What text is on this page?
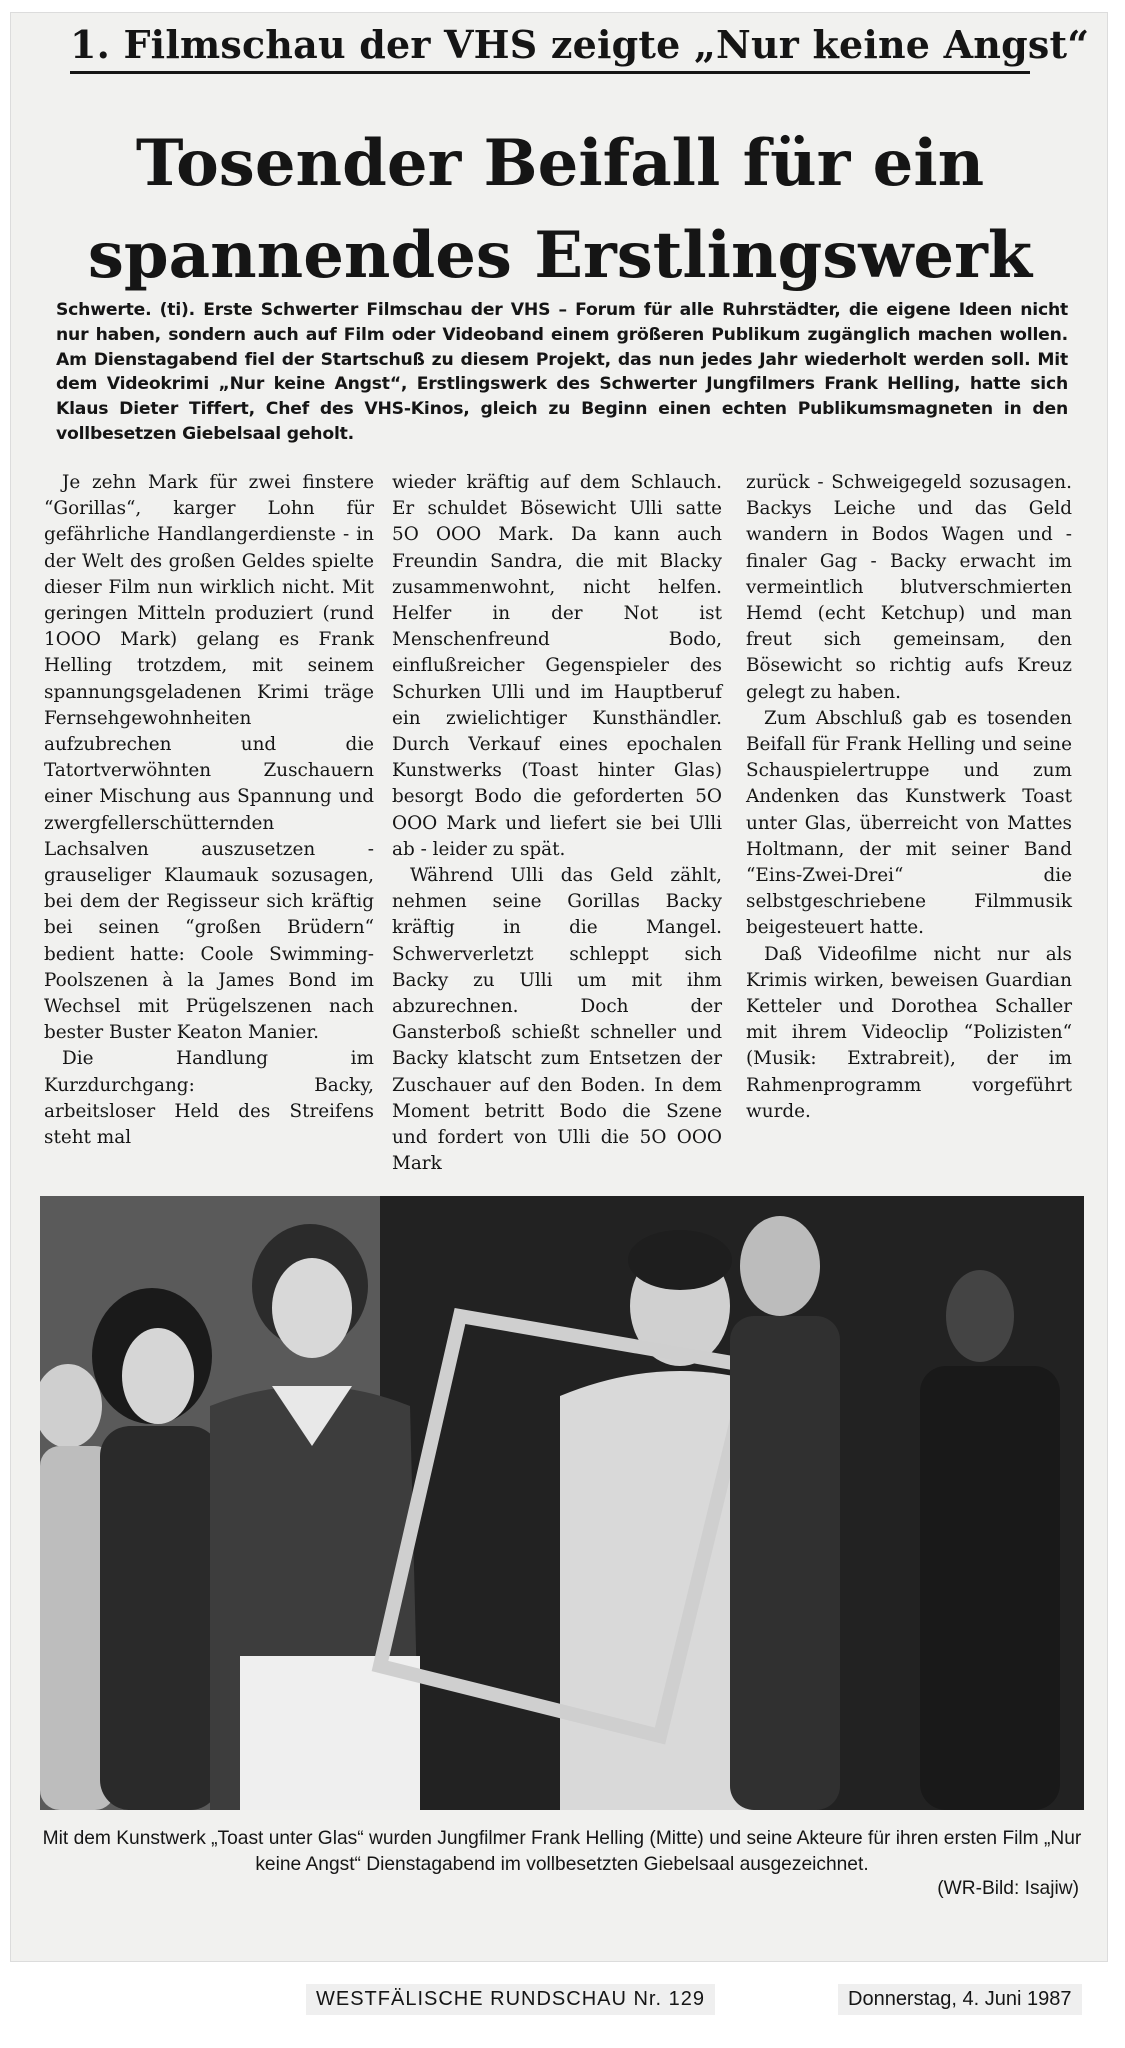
1. Filmschau der VHS zeigte „Nur keine Angst“
Tosender Beifall für ein
spannendes Erstlingswerk
Schwerte. (ti). Erste Schwerter Filmschau der VHS – Forum für alle Ruhrstädter, die eigene Ideen nicht nur haben, sondern auch auf Film oder Videoband einem größeren Publikum zugänglich machen wollen. Am Dienstagabend fiel der Startschuß zu diesem Projekt, das nun jedes Jahr wiederholt werden soll. Mit dem Videokrimi „Nur keine Angst“, Erstlingswerk des Schwerter Jungfilmers Frank Helling, hatte sich Klaus Dieter Tiffert, Chef des VHS-Kinos, gleich zu Beginn einen echten Publikumsmagneten in den vollbesetzen Giebelsaal geholt.

Je zehn Mark für zwei finstere “Gorillas“, karger Lohn für gefährliche Handlangerdienste - in der Welt des großen Geldes spielte dieser Film nun wirklich nicht. Mit geringen Mitteln produziert (rund 1OOO Mark) gelang es Frank Helling trotzdem, mit seinem spannungsgeladenen Krimi träge Fernsehgewohnheiten aufzubrechen und die Tatortverwöhnten Zuschauern einer Mischung aus Spannung und zwergfellerschütternden Lachsalven auszusetzen - grauseliger Klaumauk sozusagen, bei dem der Regisseur sich kräftig bei seinen “großen Brüdern“ bedient hatte: Coole Swimming-Poolszenen à la James Bond im Wechsel mit Prügelszenen nach bester Buster Keaton Manier.

Die Handlung im Kurzdurchgang: Backy, arbeitsloser Held des Streifens steht mal

wieder kräftig auf dem Schlauch. Er schuldet Bösewicht Ulli satte 5O OOO Mark. Da kann auch Freundin Sandra, die mit Blacky zusammenwohnt, nicht helfen. Helfer in der Not ist Menschenfreund Bodo, einflußreicher Gegenspieler des Schurken Ulli und im Hauptberuf ein zwielichtiger Kunsthändler. Durch Verkauf eines epochalen Kunstwerks (Toast hinter Glas) besorgt Bodo die geforderten 5O OOO Mark und liefert sie bei Ulli ab - leider zu spät.

Während Ulli das Geld zählt, nehmen seine Gorillas Backy kräftig in die Mangel. Schwerverletzt schleppt sich Backy zu Ulli um mit ihm abzurechnen. Doch der Gansterboß schießt schneller und Backy klatscht zum Entsetzen der Zuschauer auf den Boden. In dem Moment betritt Bodo die Szene und fordert von Ulli die 5O OOO Mark

zurück - Schweigegeld sozusagen. Backys Leiche und das Geld wandern in Bodos Wagen und - finaler Gag - Backy erwacht im vermeintlich blutverschmierten Hemd (echt Ketchup) und man freut sich gemeinsam, den Bösewicht so richtig aufs Kreuz gelegt zu haben.

Zum Abschluß gab es tosenden Beifall für Frank Helling und seine Schauspielertruppe und zum Andenken das Kunstwerk Toast unter Glas, überreicht von Mattes Holtmann, der mit seiner Band “Eins-Zwei-Drei“ die selbstgeschriebene Filmmusik beigesteuert hatte.

Daß Videofilme nicht nur als Krimis wirken, beweisen Guardian Ketteler und Dorothea Schaller mit ihrem Videoclip “Polizisten“ (Musik: Extrabreit), der im Rahmenprogramm vorgeführt wurde.

Mit dem Kunstwerk „Toast unter Glas“ wurden Jungfilmer Frank Helling (Mitte) und seine Akteure für ihren ersten Film „Nur keine Angst“ Dienstagabend im vollbesetzten Giebelsaal ausgezeichnet.
(WR-Bild: Isajiw)
WESTFÄLISCHE RUNDSCHAU Nr. 129	Donnerstag, 4. Juni 1987
